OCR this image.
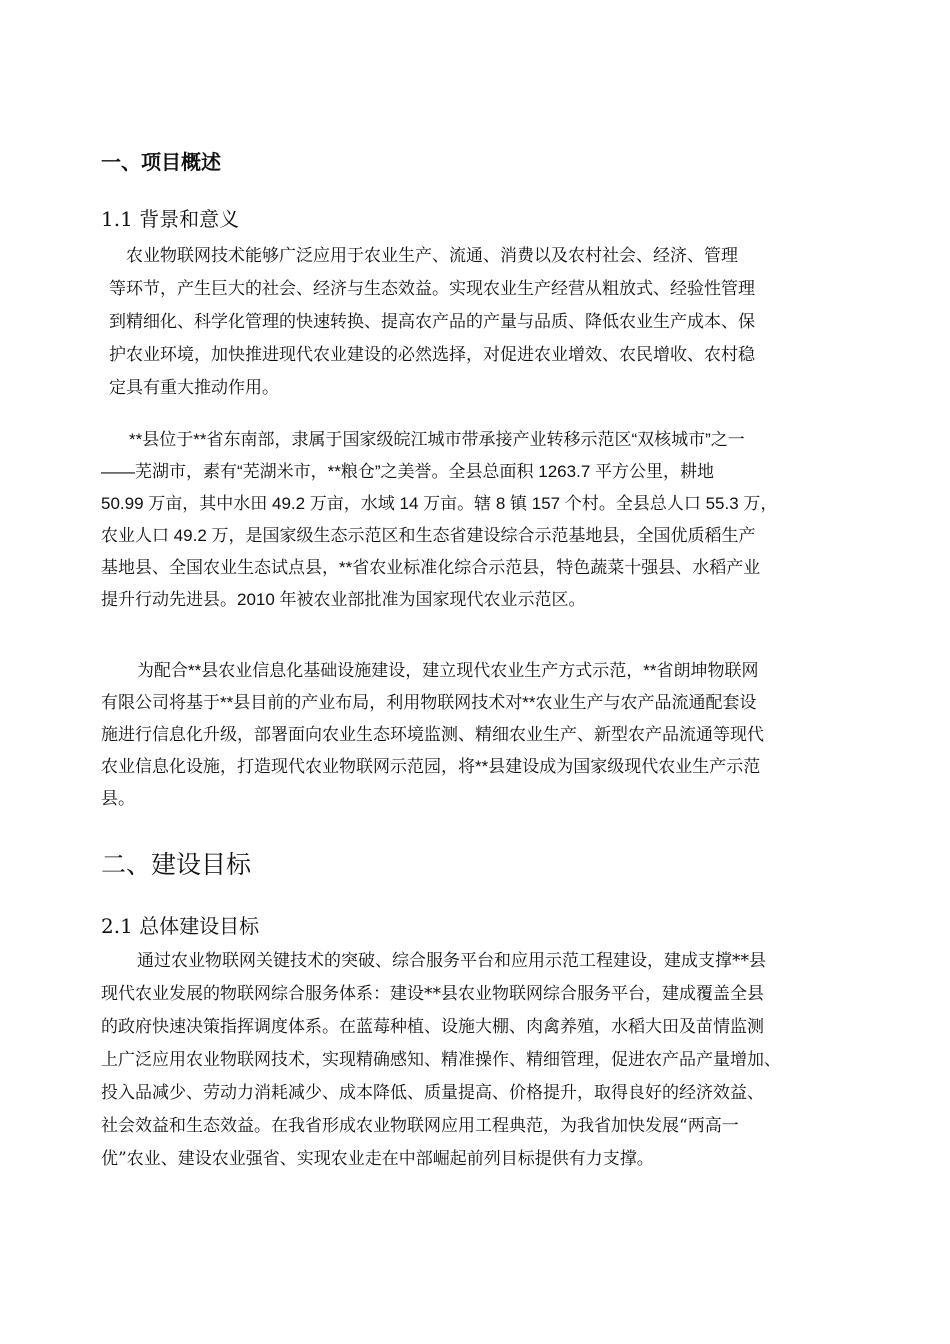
一、项目概述
1.1 背景和意义
　农业物联网技术能够广泛应用于农业生产、流通、消费以及农村社会、经济、管理
等环节，产生巨大的社会、经济与生态效益。实现农业生产经营从粗放式、经验性管理
到精细化、科学化管理的快速转换、提高农产品的产量与品质、降低农业生产成本、保
护农业环境，加快推进现代农业建设的必然选择，对促进农业增效、农民增收、农村稳
定具有重大推动作用。
**县位于**省东南部，隶属于国家级皖江城市带承接产业转移示范区“双核城市”之一
——芜湖市，素有“芜湖米市，**粮仓”之美誉。全县总面积 1263.7 平方公里，耕地
50.99 万亩，其中水田 49.2 万亩，水域 14 万亩。辖 8 镇 157 个村。全县总人口 55.3 万，
农业人口 49.2 万，是国家级生态示范区和生态省建设综合示范基地县，全国优质稻生产
基地县、全国农业生态试点县，**省农业标准化综合示范县，特色蔬菜十强县、水稻产业
提升行动先进县。2010 年被农业部批准为国家现代农业示范区。
为配合**县农业信息化基础设施建设，建立现代农业生产方式示范，**省朗坤物联网
有限公司将基于**县目前的产业布局，利用物联网技术对**农业生产与农产品流通配套设
施进行信息化升级，部署面向农业生态环境监测、精细农业生产、新型农产品流通等现代
农业信息化设施，打造现代农业物联网示范园，将**县建设成为国家级现代农业生产示范
县。
二、建设目标
2.1 总体建设目标
通过农业物联网关键技术的突破、综合服务平台和应用示范工程建设，建成支撑**县
现代农业发展的物联网综合服务体系：建设**县农业物联网综合服务平台，建成覆盖全县
的政府快速决策指挥调度体系。在蓝莓种植、设施大棚、肉禽养殖，水稻大田及苗情监测
上广泛应用农业物联网技术，实现精确感知、精准操作、精细管理，促进农产品产量增加、
投入品减少、劳动力消耗减少、成本降低、质量提高、价格提升，取得良好的经济效益、
社会效益和生态效益。在我省形成农业物联网应用工程典范，为我省加快发展“两高一
优”农业、建设农业强省、实现农业走在中部崛起前列目标提供有力支撑。
